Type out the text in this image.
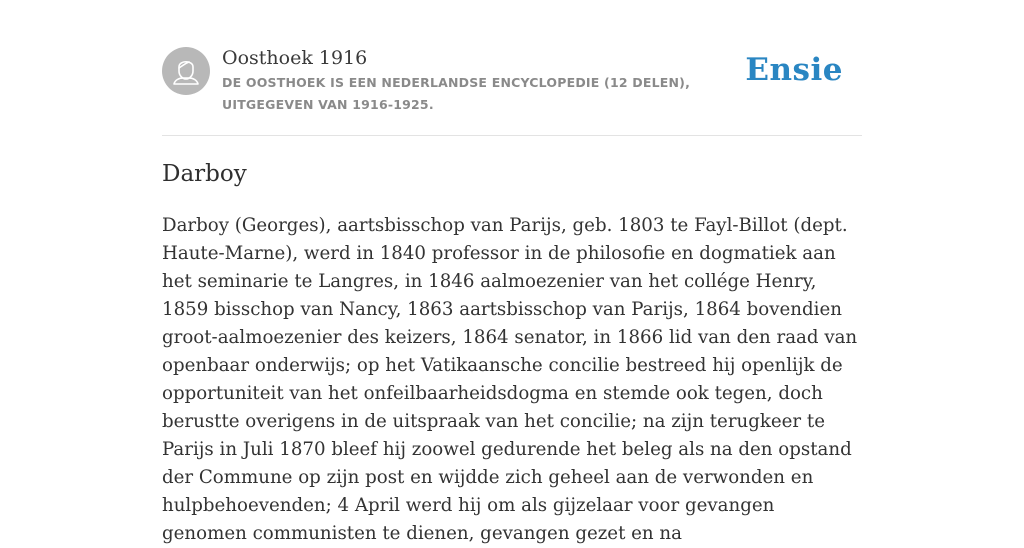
Oosthoek 1916
DE OOSTHOEK IS EEN NEDERLANDSE ENCYCLOPEDIE (12 DELEN), UITGEGEVEN VAN 1916-1925.
Ensie
Darboy

Darboy (Georges), aartsbisschop van Parijs, geb. 1803 te Fayl-Billot (dept. Haute-Marne), werd in 1840 professor in de philosofie en dogmatiek aan het seminarie te Langres, in 1846 aalmoezenier van het collége Henry, 1859 bisschop van Nancy, 1863 aartsbisschop van Parijs, 1864 bovendien groot-aalmoezenier des keizers, 1864 senator, in 1866 lid van den raad van openbaar onderwijs; op het Vatikaansche concilie bestreed hij openlijk de opportuniteit van het onfeilbaarheidsdogma en stemde ook tegen, doch berustte overigens in de uitspraak van het concilie; na zijn terugkeer te Parijs in Juli 1870 bleef hij zoowel gedurende het beleg als na den opstand der Commune op zijn post en wijdde zich geheel aan de verwonden en hulpbehoevenden; 4 April werd hij om als gijzelaar voor gevangen genomen communisten te dienen, gevangen gezet en na
